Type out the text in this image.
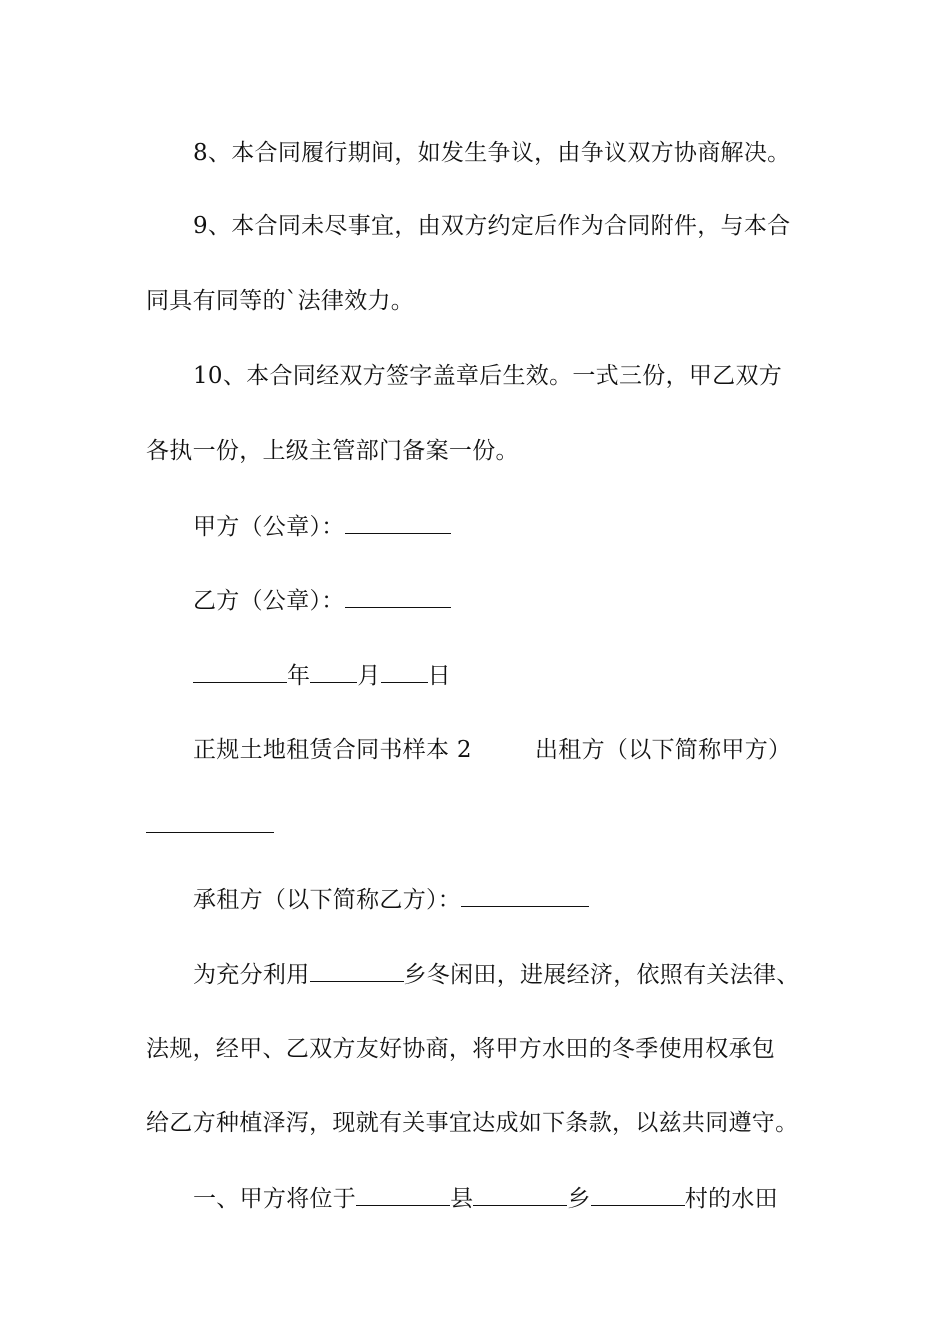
8、本合同履行期间，如发生争议，由争议双方协商解决。
9、本合同未尽事宜，由双方约定后作为合同附件，与本合
同具有同等的`法律效力。
10、本合同经双方签字盖章后生效。一式三份，甲乙双方
各执一份，上级主管部门备案一份。
甲方（公章）：
乙方（公章）：
年 月 日
正规土地租赁合同书样本 2	出租方（以下简称甲方）
承租方（以下简称乙方）：
为充分利用	乡冬闲田，进展经济，依照有关法律、
法规，经甲、乙双方友好协商，将甲方水田的冬季使用权承包
给乙方种植泽泻，现就有关事宜达成如下条款，以兹共同遵守。
一、甲方将位于	县	乡	村的水田
